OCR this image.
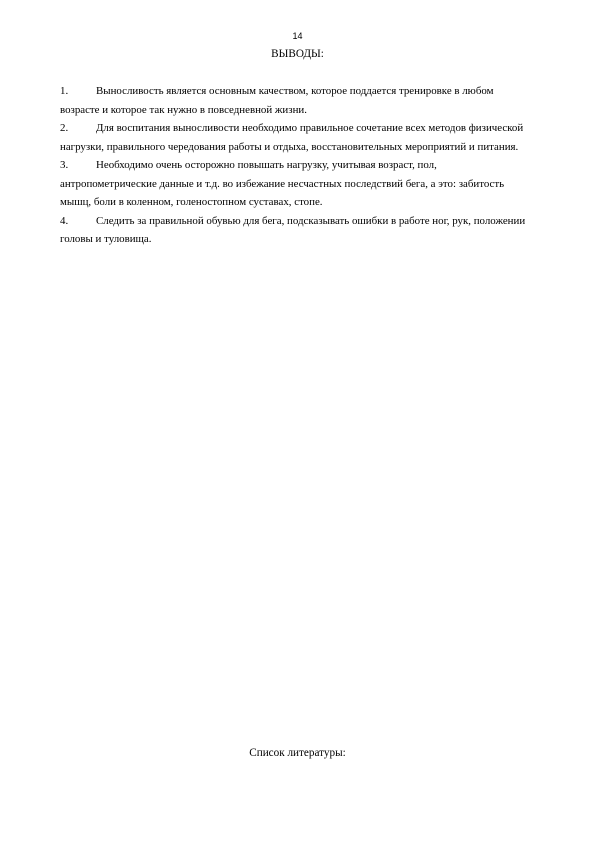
14
ВЫВОДЫ:
1.	Выносливость является основным качеством, которое поддается тренировке в любом возрасте и которое так нужно в повседневной жизни.
2.	Для воспитания выносливости необходимо правильное сочетание всех методов физической нагрузки, правильного чередования работы и отдыха, восстановительных мероприятий и питания.
3.	Необходимо очень осторожно повышать нагрузку, учитывая возраст, пол, антропометрические данные и т.д. во избежание несчастных последствий бега, а это: забитость мышц, боли в коленном, голеностопном суставах, стопе.
4.	Следить за правильной обувью для бега, подсказывать ошибки в работе ног, рук, положении головы и туловища.
Список литературы:
